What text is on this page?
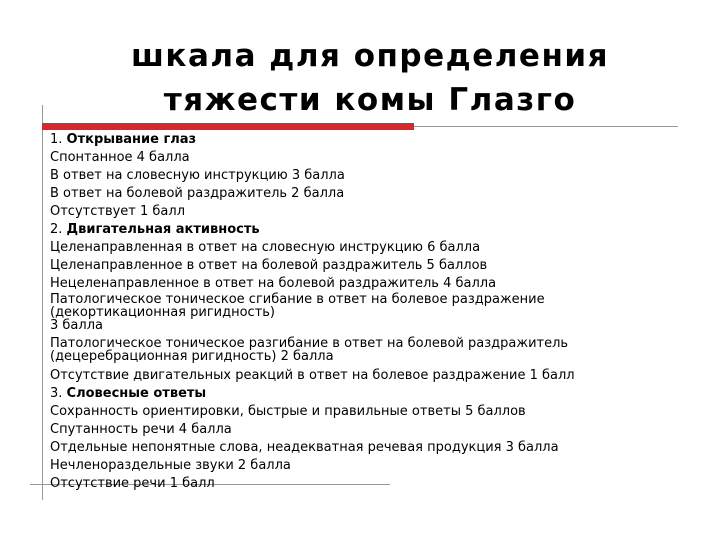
шкала для определения
тяжести комы Глазго
1. Открывание глаз
Спонтанное 4 балла
В ответ на словесную инструкцию 3 балла
В ответ на болевой раздражитель 2 балла
Отсутствует 1 балл
2. Двигательная активность
Целенаправленная в ответ на словесную инструкцию 6 балла
Целенаправленное в ответ на болевой раздражитель 5 баллов
Нецеленаправленное в ответ на болевой раздражитель 4 балла
Патологическое тоническое сгибание в ответ на болевое раздражение
(декортикационная ригидность)
3 балла
Патологическое тоническое разгибание в ответ на болевой раздражитель
(децеребрационная ригидность) 2 балла
Отсутствие двигательных реакций в ответ на болевое раздражение 1 балл
3. Словесные ответы
Сохранность ориентировки, быстрые и правильные ответы 5 баллов
Спутанность речи 4 балла
Отдельные непонятные слова, неадекватная речевая продукция 3 балла
Нечленораздельные звуки 2 балла
Отсутствие речи 1 балл
